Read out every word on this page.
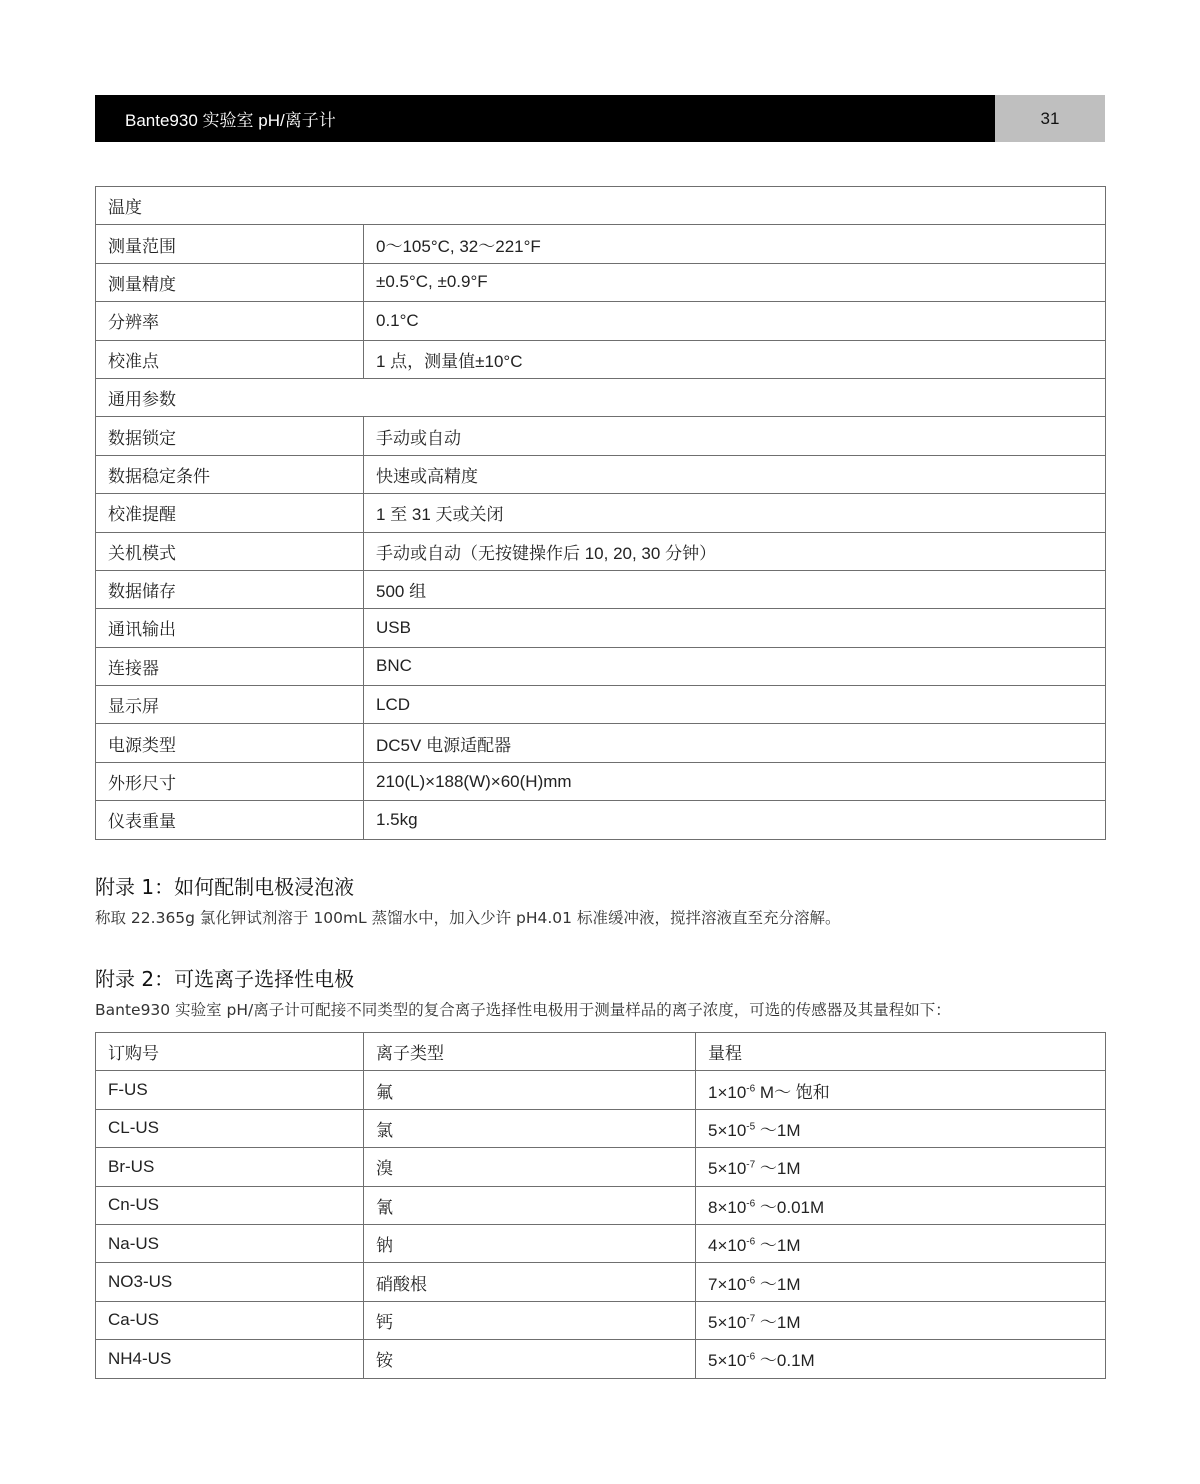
Bante930 实验室 pH/离子计	31
温度	
测量范围	0～105°C, 32～221°F
测量精度	±0.5°C, ±0.9°F
分辨率	0.1°C
校准点	1 点，测量值±10°C
通用参数	
数据锁定	手动或自动
数据稳定条件	快速或高精度
校准提醒	1 至 31 天或关闭
关机模式	手动或自动（无按键操作后 10, 20, 30 分钟）
数据储存	500 组
通讯输出	USB
连接器	BNC
显示屏	LCD
电源类型	DC5V 电源适配器
外形尺寸	210(L)×188(W)×60(H)mm
仪表重量	1.5kg
附录 1：如何配制电极浸泡液

称取 22.365g 氯化钾试剂溶于 100mL 蒸馏水中，加入少许 pH4.01 标准缓冲液，搅拌溶液直至充分溶解。

附录 2：可选离子选择性电极

Bante930 实验室 pH/离子计可配接不同类型的复合离子选择性电极用于测量样品的离子浓度，可选的传感器及其量程如下：

订购号	离子类型	量程
F-US	氟	$1\times 10^{-6}$ M～ 饱和
CL-US	氯	$5\times 10^{-5}$ ～1M
Br-US	溴	$5\times 10^{-7}$ ～1M
Cn-US	氰	$8\times 10^{-6}$ ～0.01M
Na-US	钠	$4\times 10^{-6}$ ～1M
NO3-US	硝酸根	$7\times 10^{-6}$ ～1M
Ca-US	钙	$5\times 10^{-7}$ ～1M
NH4-US	铵	$5\times 10^{-6}$ ～0.1M
